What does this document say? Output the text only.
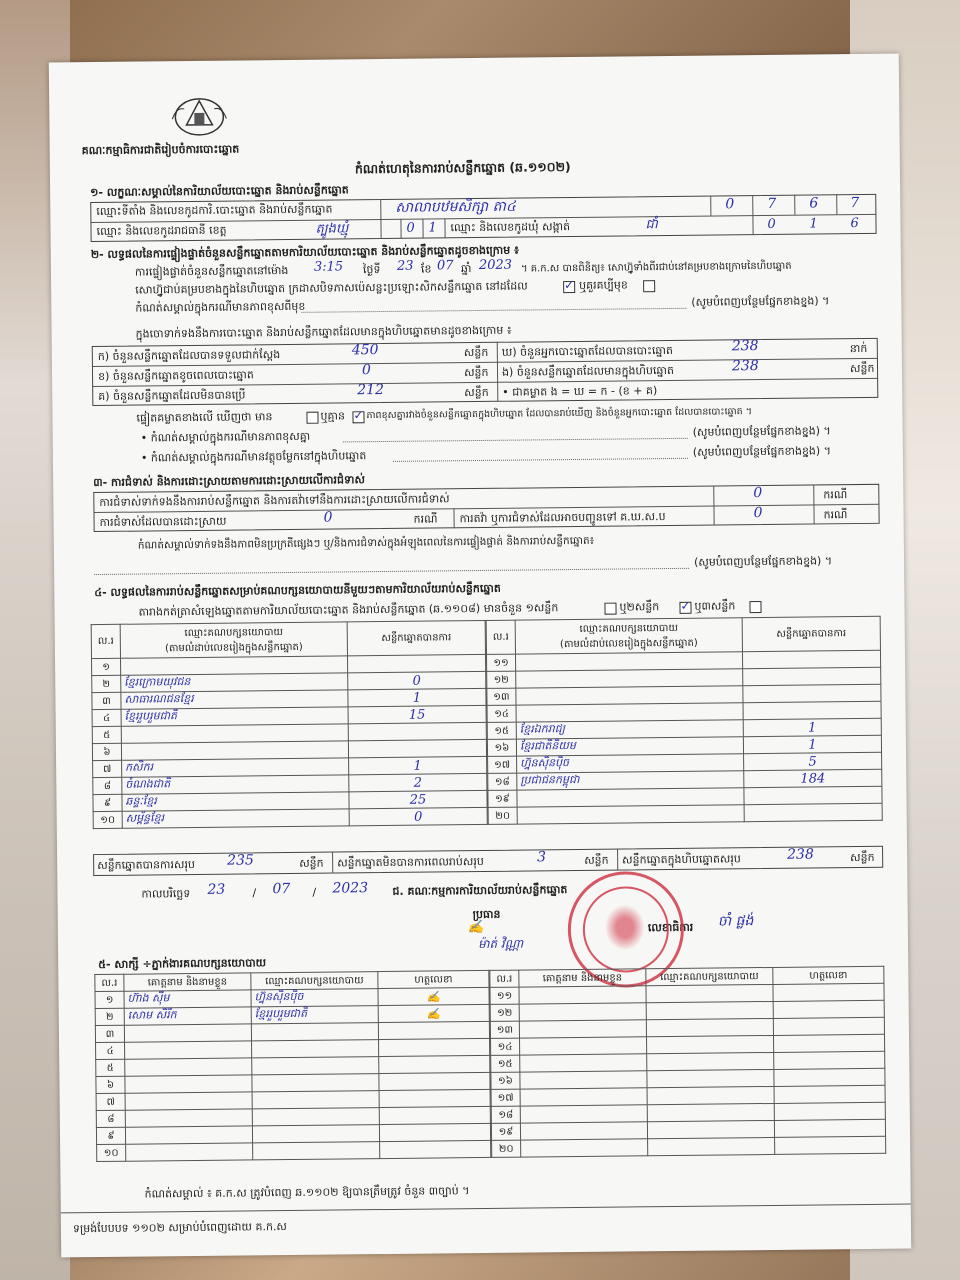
គណៈកម្មាធិការជាតិរៀបចំការបោះឆ្នោត
កំណត់ហេតុនៃការរាប់សន្លឹកឆ្នោត (ឆ.១១០២)
១- លក្ខណៈសម្គាល់នៃការិយាល័យបោះឆ្នោត និងរាប់សន្លឹកឆ្នោត
ឈ្មោះទីតាំង និងលេខកូដការិ.បោះឆ្នោត និងរាប់សន្លឹកឆ្នោត	សាលាបឋមសិក្សា តា៤	0 7 6 7
ឈ្មោះ និងលេខកូដរាជធានី ខេត្ត	ត្បូងឃ្មុំ	0 1 ឈ្មោះ និងលេខកូដឃុំ សង្កាត់	ជាំ	0	1	6
២- លទ្ធផលនៃការផ្ទៀងផ្ទាត់ចំនួនសន្លឹកឆ្នោតតាមការិយាល័យបោះឆ្នោត និងរាប់សន្លឹកឆ្នោតដូចខាងក្រោម ៖
ការផ្ទៀងផ្ទាត់ចំនួនសន្លឹកឆ្នោតនៅម៉ោង 3:15 ថ្ងៃទី 23 ខែ 07 ឆ្នាំ 2023 ។ គ.ក.ស បានពិនិត្យ៖ សោហ្វ៊ូទាំងពីរជាប់នៅគម្របខាងក្រោមនៃហិបឆ្នោត
សោហ្វ៊ូជាប់គម្របខាងក្នុងនៃហិបឆ្នោត ក្រដាសបិទភាសប៉េសន្លះប្រឡោះសិកសន្លឹកឆ្នោត នៅដដែល ✓	ឬគួរគប្បីមុខ
កំណត់សម្គាល់ក្នុងករណីមានភាពខុសពីមុខ	(សូមបំពេញបន្ថែមផ្នែកខាងខ្នង) ។
ក្នុងចោទាក់ទងនឹងការបោះឆ្នោត និងរាប់សន្លឹកឆ្នោតដែលមានក្នុងហិបឆ្នោតមានដូចខាងក្រោម ៖
ក) ចំនួនសន្លឹកឆ្នោតដែលបានទទួលជាក់ស្តែង	450	សន្លឹក
ខ) ចំនួនសន្លឹកឆ្នោតខូចពេលបោះឆ្នោត	0	សន្លឹក
គ) ចំនួនសន្លឹកឆ្នោតដែលមិនបានប្រើ	212	សន្លឹក
ឃ) ចំនួនអ្នកបោះឆ្នោតដែលបានបោះឆ្នោត	238	នាក់
ង) ចំនួនសន្លឹកឆ្នោតដែលមានក្នុងហិបឆ្នោត	238	សន្លឹក
• ជាគម្លាត ង = ឃ = ក - (ខ + គ)
ផ្ទៀតគម្លាតខាងលើ ឃើញថា មាន	ឬគ្មាន ✓ ភាពខុសគ្នារវាងចំនួនសន្លឹកឆ្នោតក្នុងហិបឆ្នោត ដែលបានរាប់ឃើញ និងចំនួនអ្នកបោះឆ្នោត ដែលបានបោះឆ្នោត ។
• កំណត់សម្គាល់ក្នុងករណីមានភាពខុសគ្នា	(សូមបំពេញបន្ថែមផ្នែកខាងខ្នង) ។
• កំណត់សម្គាល់ក្នុងករណីមានវត្ថុចម្លែកនៅក្នុងហិបឆ្នោត	(សូមបំពេញបន្ថែមផ្នែកខាងខ្នង) ។
៣- ការជំទាស់ និងការដោះស្រាយតាមការដោះស្រាយលើការជំទាស់
ការជំទាស់ទាក់ទងនឹងការរាប់សន្លឹកឆ្នោត និងការតវ៉ាទៅនឹងការដោះស្រាយលើការជំទាស់	0	ករណី
ការជំទាស់ដែលបានដោះស្រាយ	0	ករណី ការតវ៉ា ឬការជំទាស់ដែលអាចបញ្ជូនទៅ គ.ឃ.ស.ប	0	ករណី
កំណត់សម្គាល់ទាក់ទងនឹងភាពមិនប្រក្រតីផ្សេងៗ ឬ/និងការជំទាស់ក្នុងអំឡុងពេលនៃការផ្ទៀងផ្ទាត់ និងការរាប់សន្លឹកឆ្នោត៖
(សូមបំពេញបន្ថែមផ្នែកខាងខ្នង) ។
៤- លទ្ធផលនៃការរាប់សន្លឹកឆ្នោតសម្រាប់គណបក្សនយោបាយនីមួយៗតាមការិយាល័យរាប់សន្លឹកឆ្នោត
តារាងកត់ត្រាសំឡេងឆ្នោតតាមការិយាល័យបោះឆ្នោត និងរាប់សន្លឹកឆ្នោត (ឆ.១១០៨) មានចំនួន ១សន្លឹក	ឬ២សន្លឹក ✓	ឬ៣សន្លឹក
ល.រ	ឈ្មោះគណបក្សនយោបាយ
(តាមលំដាប់លេខរៀងក្នុងសន្លឹកឆ្នោត)	សន្លឹកឆ្នោតបានការ
១		
២	ខ្មែរក្រោមយុវជន	0
៣	សាធារណជនខ្មែរ	1
៤	ខ្មែររួបរួមជាតិ	15
៥		
៦		
៧	កសិករ	1
៨	ចំណងជាតិ	2
៩	ឆន្ទៈខ្មែរ	25
១០	សម្ព័ន្ធខ្មែរ	0
ល.រ	ឈ្មោះគណបក្សនយោបាយ
(តាមលំដាប់លេខរៀងក្នុងសន្លឹកឆ្នោត)	សន្លឹកឆ្នោតបានការ
១១		
១២		
១៣		
១៤		
១៥	ខ្មែរឯករាជ្យ	1
១៦	ខ្មែរជាតិនិយម	1
១៧	ហ្វ៊ុនស៊ិនប៉ិច	5
១៨	ប្រជាជនកម្ពុជា	184
១៩		
២០		
សន្លឹកឆ្នោតបានការសរុប 235	សន្លឹក សន្លឹកឆ្នោតមិនបានការពេលរាប់សរុប	3	សន្លឹក សន្លឹកឆ្នោតក្នុងហិបឆ្នោតសរុប	238	សន្លឹក
កាលបរិច្ឆេទ 23 / 07 / 2023 ជ. គណៈកម្មការការិយាល័យរាប់សន្លឹកឆ្នោត
ប្រធាន
✍
ម៉ាត់ វិណ្ណា
លេខាធិការ ចាំ ផ្លង់
៥- សាក្សី ÷ភ្នាក់ងារគណបក្សនយោបាយ
ល.រ	គោត្តនាម និងនាមខ្លួន	ឈ្មោះគណបក្សនយោបាយ	ហត្ថលេខា
១	ហ៊ាង ស៊ីម	ហ្វ៊ុនស៊ិនប៉ិច	✍
២	សោម សិរីក	ខ្មែររួបរួមជាតិ	✍
៣			
៤			
៥			
៦			
៧			
៨			
៩			
១០			
ល.រ	គោត្តនាម និងនាមខ្លួន	ឈ្មោះគណបក្សនយោបាយ	ហត្ថលេខា
១១			
១២			
១៣			
១៤			
១៥			
១៦			
១៧			
១៨			
១៩			
២០			
កំណត់សម្គាល់ ៖ គ.ក.ស ត្រូវបំពេញ ឆ.១១០២ ឱ្យបានត្រឹមត្រូវ ចំនួន ៣ច្បាប់ ។
ទម្រង់បែបបទ ១១០២ សម្រាប់បំពេញដោយ គ.ក.ស
